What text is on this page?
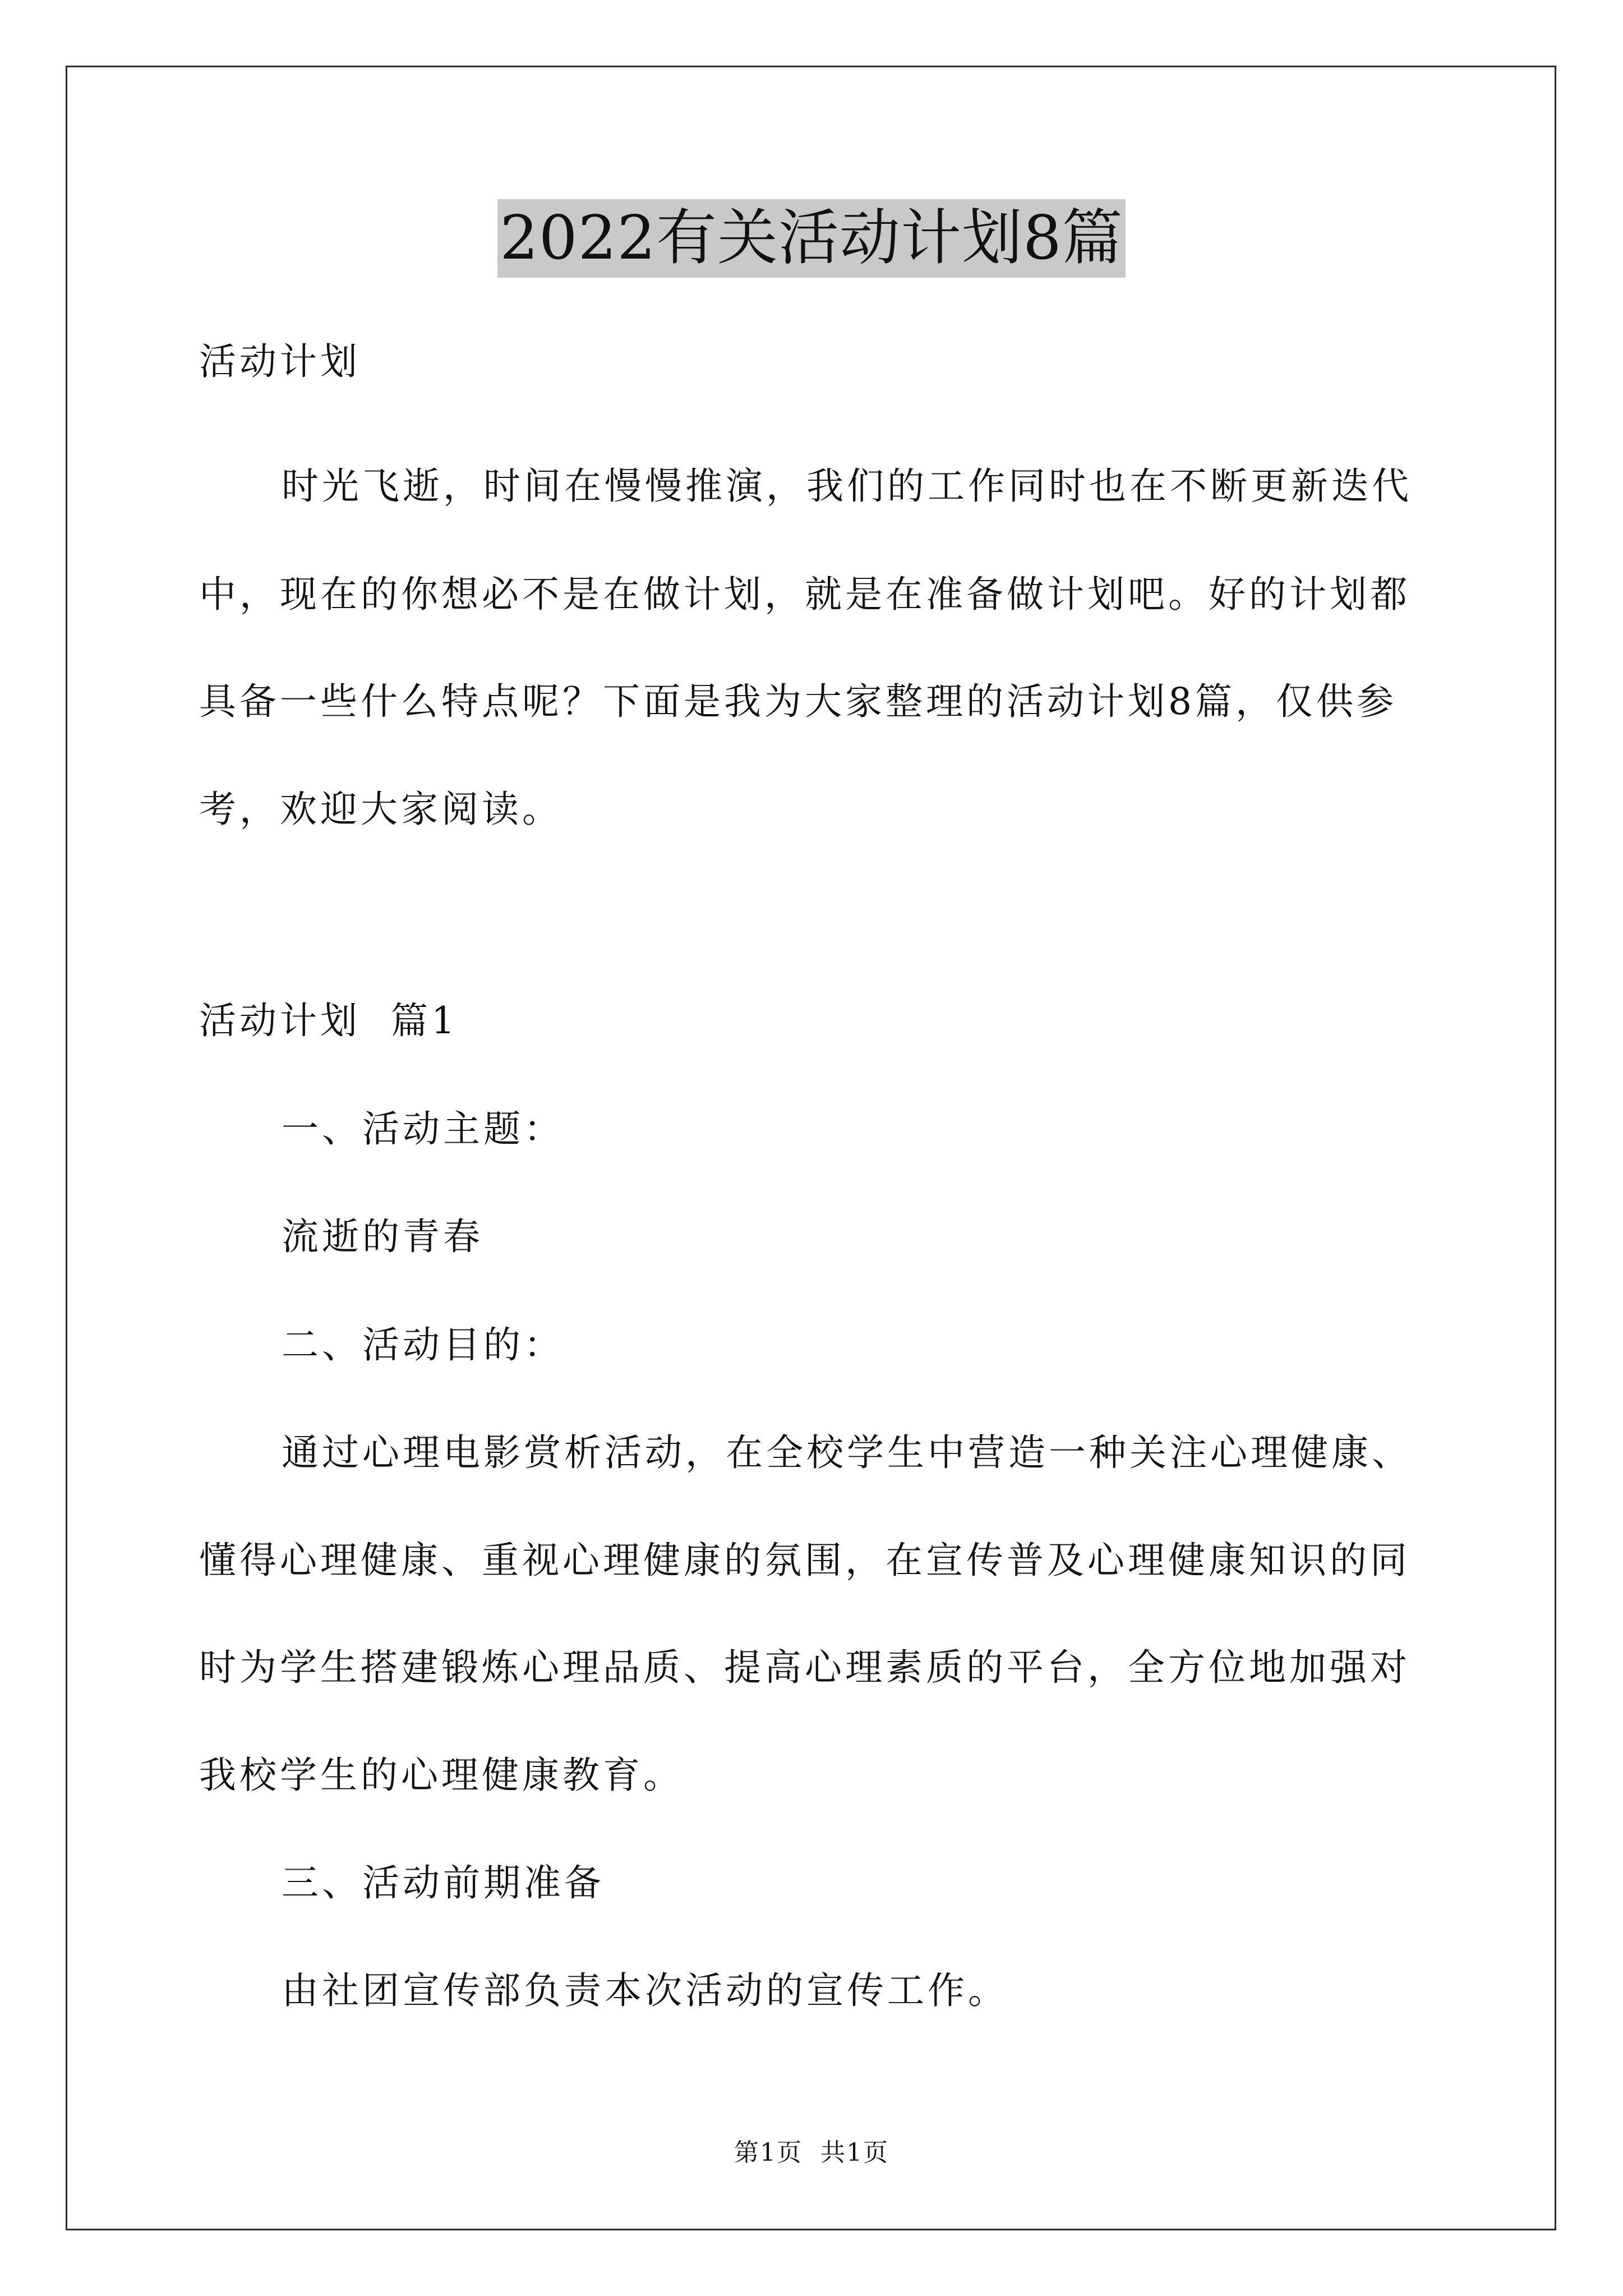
2022有关活动计划8篇
活动计划
时光飞逝，时间在慢慢推演，我们的工作同时也在不断更新迭代
中，现在的你想必不是在做计划，就是在准备做计划吧。好的计划都
具备一些什么特点呢？下面是我为大家整理的活动计划8篇，仅供参
考，欢迎大家阅读。
活动计划  篇1
一、活动主题：
流逝的青春
二、活动目的：
通过心理电影赏析活动，在全校学生中营造一种关注心理健康、
懂得心理健康、重视心理健康的氛围，在宣传普及心理健康知识的同
时为学生搭建锻炼心理品质、提高心理素质的平台，全方位地加强对
我校学生的心理健康教育。
三、活动前期准备
由社团宣传部负责本次活动的宣传工作。
第1页  共1页
